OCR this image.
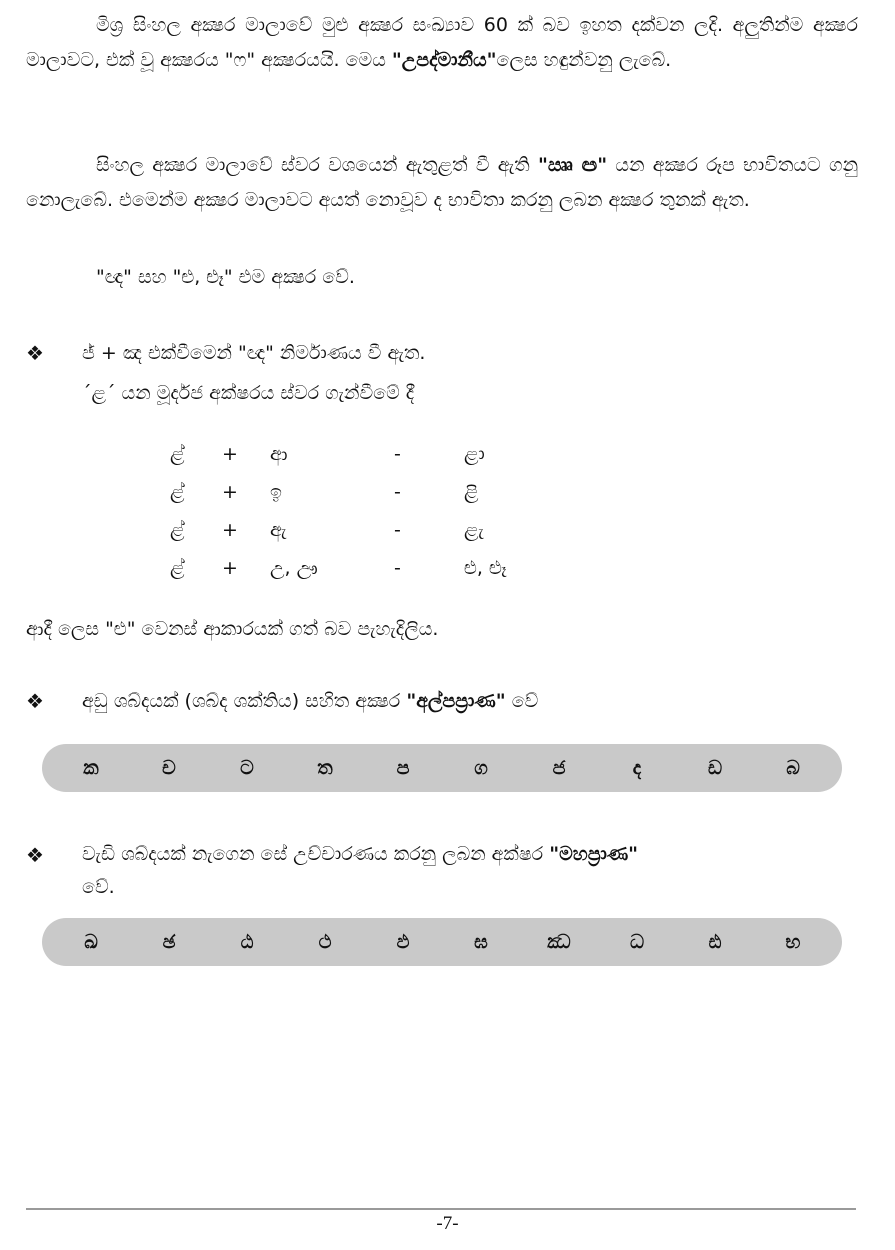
මිශ්‍ර සිංහල අක්‍ෂර මාලාවේ මුළු අක්‍ෂර සංඛ්‍යාව 60 ක් බව ඉහත දක්වන ලදි. අලුතින්ම අක්‍ෂර මාලාවට, එක් වූ අක්‍ෂරය "ෆ" අක්‍ෂරයයි. මෙය "උපද්මානීය"ලෙස හඳුන්වනු ලැබේ.

සිංහල අක්‍ෂර මාලාවේ ස්වර වශයෙන් ඇතුළත් වී ඇති "ඎ ඏ" යන අක්‍ෂර රූප භාවිතයට ගනු නොලැබේ. එමෙන්ම අක්‍ෂර මාලාවට අයත් නොවූව ද භාවිතා කරනු ලබන අක්‍ෂර තුනක් ඇත.

"ඥ" සහ "ළු, ළූ" එම අක්‍ෂර වේ.
❖ ජ් + ඤ එක්වීමෙන් "ඥ" නිර්මාණය වී ඇත.
´ළ´ යන මූර්දජ අක්ෂරය ස්වර ගැන්වීමේ දී
ළ් + ආ	-	ළා
ළ් + ඉ	-	ළි
ළ් + ඇ	-	ළැ
ළ් + උ, ඌ	-	ළු, ළූ
ආදී ලෙස "ළු" වෙනස් ආකාරයක් ගත් බව පැහැදිලිය.
❖ අඩු ශබ්දයක් (ශබ්ද ශක්තිය) සහිත අක්‍ෂර "අල්පප්‍රාණ" වේ
ක	ච	ට	ත	ප	ග	ජ	ද	ඩ	බ
❖ වැඩි ශබ්දයක් නැගෙන සේ උච්චාරණය කරනු ලබන අක්ෂර "මහප්‍රාණ"
වේ.

ඛ	ඡ	ඨ	ථ	ඵ	ඝ	ඣ	ධ	ඪ	භ
-7-
